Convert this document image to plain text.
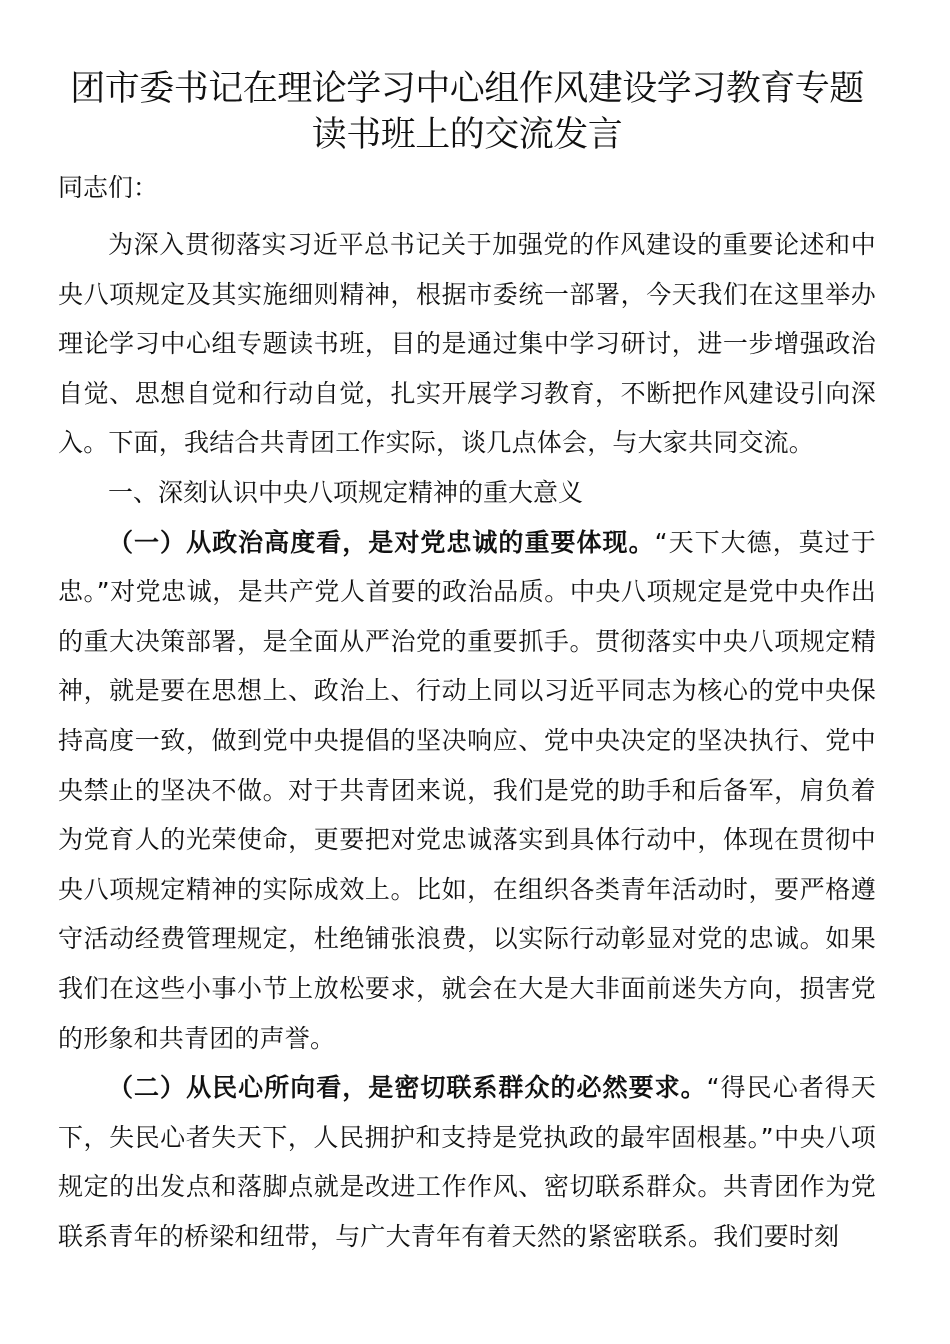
团市委书记在理论学习中心组作风建设学习教育专题读书班上的交流发言

同志们：

为深入贯彻落实习近平总书记关于加强党的作风建设的重要论述和中央八项规定及其实施细则精神，根据市委统一部署，今天我们在这里举办理论学习中心组专题读书班，目的是通过集中学习研讨，进一步增强政治自觉、思想自觉和行动自觉，扎实开展学习教育，不断把作风建设引向深入。下面，我结合共青团工作实际，谈几点体会，与大家共同交流。

一、深刻认识中央八项规定精神的重大意义

（一）从政治高度看，是对党忠诚的重要体现。“天下大德，莫过于忠。”对党忠诚，是共产党人首要的政治品质。中央八项规定是党中央作出的重大决策部署，是全面从严治党的重要抓手。贯彻落实中央八项规定精神，就是要在思想上、政治上、行动上同以习近平同志为核心的党中央保持高度一致，做到党中央提倡的坚决响应、党中央决定的坚决执行、党中央禁止的坚决不做。对于共青团来说，我们是党的助手和后备军，肩负着为党育人的光荣使命，更要把对党忠诚落实到具体行动中，体现在贯彻中央八项规定精神的实际成效上。比如，在组织各类青年活动时，要严格遵守活动经费管理规定，杜绝铺张浪费，以实际行动彰显对党的忠诚。如果我们在这些小事小节上放松要求，就会在大是大非面前迷失方向，损害党的形象和共青团的声誉。

（二）从民心所向看，是密切联系群众的必然要求。“得民心者得天下，失民心者失天下，人民拥护和支持是党执政的最牢固根基。”中央八项规定的出发点和落脚点就是改进工作作风、密切联系群众。共青团作为党联系青年的桥梁和纽带，与广大青年有着天然的紧密联系。我们要时刻
